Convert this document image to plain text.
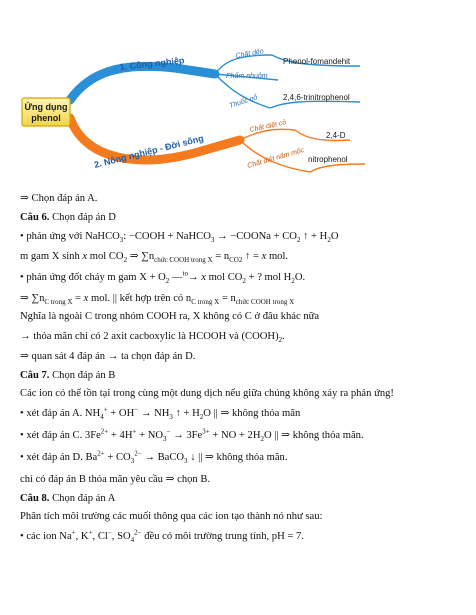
Ứng dụng
phenol
1. Công nghiệp
2. Nông nghiệp - Đời sống
Chất dẻo
Phenol-fomandehit
Phẩm nhuộm
Thuốc nổ	2,4,6-trinitrophenol
Chất diệt cỏ
2,4-D
Chất diệt nấm mốc nitrophenol
⇒ Chọn đáp án A.
Câu 6. Chọn đáp án D
• phản ứng với NaHCO$_3$: −COOH + NaHCO$_3$ → −COONa + $CO_2$ ↑ + $H_2O$
m gam X sinh x mol $CO_2$ ⇒ $\sum n_{chức COOH trong X} = n_{CO2}$ ↑ = x mol.
• phản ứng đốt cháy m gam $X + O_2$ —$^{to}$→ x mol $CO_2$ + ? mol $H_2O$.
⇒ $\sum n_{C trong X} = x$ mol. || kết hợp trên có $n_{C trong X} = n_{chức COOH trong X}$
Nghĩa là ngoài C trong nhóm COOH ra, X không có C ở đâu khác nữa
→ thỏa mãn chỉ có 2 axit cacboxylic là HCOOH và $(COOH)_2$.
⇒ quan sát 4 đáp án → ta chọn đáp án D.
Câu 7. Chọn đáp án B
Các ion có thể tồn tại trong cùng một dung dịch nếu giữa chúng không xảy ra phản ứng!
• xét đáp án A. $NH_4^+ + OH^- \to NH_3$ ↑ + $H_2O$ || ⇒ không thỏa mãn
• xét đáp án C. $3Fe^{2+} + 4H^+ + NO_3^- \to 3Fe^{3+}$ + NO + $2H_2O$ || ⇒ không thỏa mãn.
• xét đáp án D. $Ba^{2+} + CO_3^{2-}$ → BaCO$_3$ ↓ || ⇒ không thỏa mãn.
chỉ có đáp án B thỏa mãn yêu cầu ⇒ chọn B.
Câu 8. Chọn đáp án A
Phân tích môi trường các muối thông qua các ion tạo thành nó như sau:
• các ion Na+, K+, Cl−, $SO_4^{2-}$ đều có môi trường trung tính, pH = 7.
